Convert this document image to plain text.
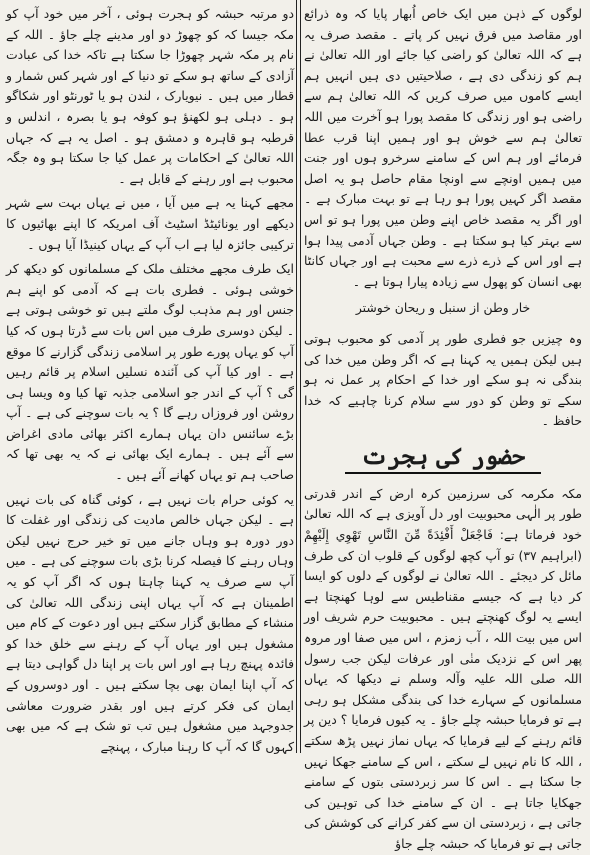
لوگوں کے ذہن میں ایک خاص اُبھار پایا کہ وہ ذرائع اور مقاصد میں فرق نہیں کر پاتے ۔ مقصد صرف یہ ہے کہ اللہ تعالیٰ کو راضی کیا جائے اور اللہ تعالیٰ نے ہم کو زندگی دی ہے ، صلاحیتیں دی ہیں انہیں ہم ایسے کاموں میں صرف کریں کہ اللہ تعالیٰ ہم سے راضی ہو اور زندگی کا مقصد پورا ہو آخرت میں اللہ تعالیٰ ہم سے خوش ہو اور ہمیں اپنا قرب عطا فرمائے اور ہم اس کے سامنے سرخرو ہوں اور جنت میں ہمیں اونچے سے اونچا مقام حاصل ہو یہ اصل مقصد اگر کہیں پورا ہو رہا ہے تو بہت مبارک ہے ۔ اور اگر یہ مقصد خاص اپنے وطن میں پورا ہو تو اس سے بہتر کیا ہو سکتا ہے ۔ وطن جہاں آدمی پیدا ہوا ہے اور اس کے ذرے ذرے سے محبت ہے اور جہاں کانٹا بھی انسان کو پھول سے زیادہ پیارا ہوتا ہے ۔

خار وطن از سنبل و ریحان خوشتر

وہ چیزیں جو فطری طور پر آدمی کو محبوب ہوتی ہیں لیکن ہمیں یہ کہنا ہے کہ اگر وطن میں خدا کی بندگی نہ ہو سکے اور خدا کے احکام پر عمل نہ ہو سکے تو وطن کو دور سے سلام کرنا چاہیے کہ خدا حافظ ۔

حضور کی ہجرت

مکہ مکرمہ کی سرزمین کرہ ارض کے اندر قدرتی طور پر الٰہی محبوبیت اور دل آویزی ہے کہ اللہ تعالیٰ خود فرماتا ہے: فَاجْعَلْ أَفْئِدَةً مِّنَ النَّاسِ تَهْوِي إِلَيْهِمْ (ابراہیم ۳۷) تو آپ کچھ لوگوں کے قلوب ان کی طرف مائل کر دیجئے ۔ اللہ تعالیٰ نے لوگوں کے دلوں کو ایسا کر دیا ہے کہ جیسے مقناطیس سے لوہا کھنچتا ہے ایسے یہ لوگ کھنچتے ہیں ۔ محبوبیت حرم شریف اور اس میں بیت اللہ ، آب زمزم ، اس میں صفا اور مروہ پھر اس کے نزدیک منٰی اور عرفات لیکن جب رسول اللہ صلی اللہ علیہ وآلہ وسلم نے دیکھا کہ یہاں مسلمانوں کے سہارے خدا کی بندگی مشکل ہو رہی ہے تو فرمایا حبشہ چلے جاؤ ۔ یہ کیوں فرمایا ؟ دین پر قائم رہنے کے لیے فرمایا کہ یہاں نماز نہیں پڑھ سکتے ، اللہ کا نام نہیں لے سکتے ، اس کے سامنے جھکا نہیں جا سکتا ہے ۔ اس کا سر زبردستی بتوں کے سامنے جھکایا جاتا ہے ۔ ان کے سامنے خدا کی توہین کی جاتی ہے ، زبردستی ان سے کفر کرانے کی کوشش کی جاتی ہے تو فرمایا کہ حبشہ چلے جاؤ

دو مرتبہ حبشہ کو ہجرت ہوئی ، آخر میں خود آپ کو مکہ جیسا کہ کو چھوڑ دو اور مدینے چلے جاؤ ۔ اللہ کے نام پر مکہ شہر چھوڑا جا سکتا ہے تاکہ خدا کی عبادت آزادی کے ساتھ ہو سکے تو دنیا کے اور شہر کس شمار و قطار میں ہیں ۔ نیویارک ، لندن ہو یا ٹورنٹو اور شکاگو ہو ۔ دہلی ہو لکھنؤ ہو کوفہ ہو یا بصرہ ، اندلس و قرطبہ ہو قاہرہ و دمشق ہو ۔ اصل یہ ہے کہ جہاں اللہ تعالیٰ کے احکامات پر عمل کیا جا سکتا ہو وہ جگہ محبوب ہے اور رہنے کے قابل ہے ۔

مجھے کہنا یہ ہے میں آیا ، میں نے یہاں بہت سے شہر دیکھے اور یونائیٹڈ اسٹیٹ آف امریکہ کا اپنے بھائیوں کا ترکیبی جائزہ لیا ہے اب آپ کے یہاں کینیڈا آیا ہوں ۔

ایک طرف مجھے مختلف ملک کے مسلمانوں کو دیکھ کر خوشی ہوئی ۔ فطری بات ہے کہ آدمی کو اپنے ہم جنس اور ہم مذہب لوگ ملتے ہیں تو خوشی ہوتی ہے ۔ لیکن دوسری طرف میں اس بات سے ڈرتا ہوں کہ کیا آپ کو یہاں پورے طور پر اسلامی زندگی گزارنے کا موقع ہے ۔ اور کیا آپ کی آئندہ نسلیں اسلام پر قائم رہیں گی ؟ آپ کے اندر جو اسلامی جذبہ تھا کیا وہ ویسا ہی روشن اور فروزاں رہے گا ؟ یہ بات سوچنے کی ہے ۔ آپ بڑے سائنس دان یہاں ہمارے اکثر بھائی مادی اغراض سے آئے ہیں ۔ ہمارے ایک بھائی نے کہ یہ بھی تھا کہ صاحب ہم تو یہاں کھانے آئے ہیں ۔

یہ کوئی حرام بات نہیں ہے ، کوئی گناہ کی بات نہیں ہے ۔ لیکن جہاں خالص مادیت کی زندگی اور غفلت کا دور دورہ ہو وہاں جانے میں تو خیر حرج نہیں لیکن وہاں رہنے کا فیصلہ کرنا بڑی بات سوچنے کی ہے ۔ میں آپ سے صرف یہ کہنا چاہتا ہوں کہ اگر آپ کو یہ اطمینان ہے کہ آپ یہاں اپنی زندگی اللہ تعالیٰ کی منشاء کے مطابق گزار سکتے ہیں اور دعوت کے کام میں مشغول ہیں اور یہاں آپ کے رہنے سے خلق خدا کو فائدہ پہنچ رہا ہے اور اس بات پر اپنا دل گواہی دیتا ہے کہ آپ اپنا ایمان بھی بچا سکتے ہیں ۔ اور دوسروں کے ایمان کی فکر کرتے ہیں اور بقدر ضرورت معاشی جدوجہد میں مشغول ہیں تب تو شک ہے کہ میں بھی کہوں گا کہ آپ کا رہنا مبارک ، پہنچے
